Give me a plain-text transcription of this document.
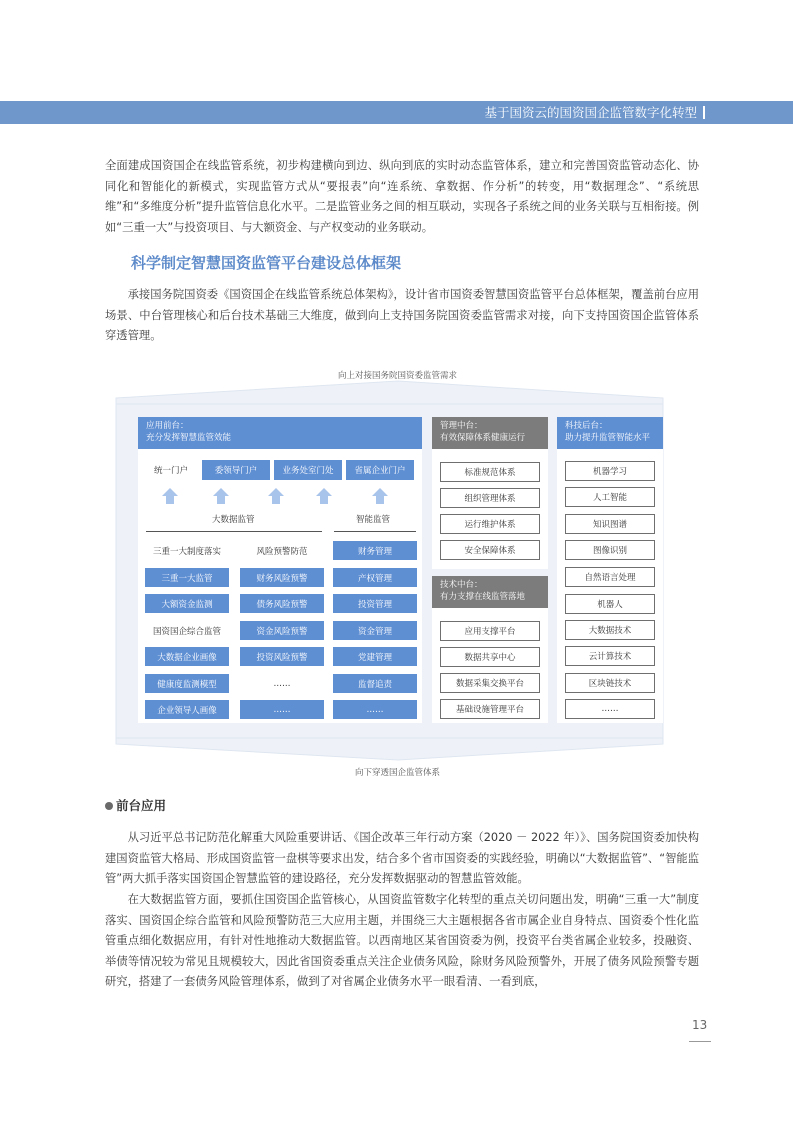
基于国资云的国资国企监管数字化转型

全面建成国资国企在线监管系统，初步构建横向到边、纵向到底的实时动态监管体系，建立和完善国资监管动态化、协同化和智能化的新模式，实现监管方式从“要报表”向“连系统、拿数据、作分析”的转变，用“数据理念”、“系统思维”和“多维度分析”提升监管信息化水平。二是监管业务之间的相互联动，实现各子系统之间的业务关联与互相衔接。例如“三重一大”与投资项目、与大额资金、与产权变动的业务联动。

科学制定智慧国资监管平台建设总体框架

承接国务院国资委《国资国企在线监管系统总体架构》，设计省市国资委智慧国资监管平台总体框架，覆盖前台应用场景、中台管理核心和后台技术基础三大维度，做到向上支持国务院国资委监管需求对接，向下支持国资国企监管体系穿透管理。

向上对接国务院国资委监管需求
向下穿透国企监管体系
应用前台：
充分发挥智慧监管效能
统一门户	委领导门户	业务处室门处	省属企业门户
大数据监管	智能监管
三重一大制度落实
三重一大监管
大额资金监测
国资国企综合监管
大数据企业画像
健康度监测模型
企业领导人画像
风险预警防范
财务风险预警
债务风险预警
资金风险预警
投资风险预警
……
……
财务管理
产权管理
投资管理
资金管理
党建管理
监督追责
……
管理中台：
有效保障体系健康运行
标准规范体系
组织管理体系
运行维护体系
安全保障体系
技术中台：
有力支撑在线监管落地
应用支撑平台
数据共享中心
数据采集交换平台
基础设施管理平台
科技后台：
助力提升监管智能水平
机器学习
人工智能
知识图谱
图像识别
自然语言处理
机器人
大数据技术
云计算技术
区块链技术
……
前台应用

从习近平总书记防范化解重大风险重要讲话、《国企改革三年行动方案（2020 － 2022 年）》、国务院国资委加快构建国资监管大格局、形成国资监管一盘棋等要求出发，结合多个省市国资委的实践经验，明确以“大数据监管”、“智能监管”两大抓手落实国资国企智慧监管的建设路径，充分发挥数据驱动的智慧监管效能。

在大数据监管方面，要抓住国资国企监管核心，从国资监管数字化转型的重点关切问题出发，明确“三重一大”制度落实、国资国企综合监管和风险预警防范三大应用主题，并围绕三大主题根据各省市属企业自身特点、国资委个性化监管重点细化数据应用，有针对性地推动大数据监管。以西南地区某省国资委为例，投资平台类省属企业较多，投融资、举债等情况较为常见且规模较大，因此省国资委重点关注企业债务风险，除财务风险预警外，开展了债务风险预警专题研究，搭建了一套债务风险管理体系，做到了对省属企业债务水平一眼看清、一看到底，

13
